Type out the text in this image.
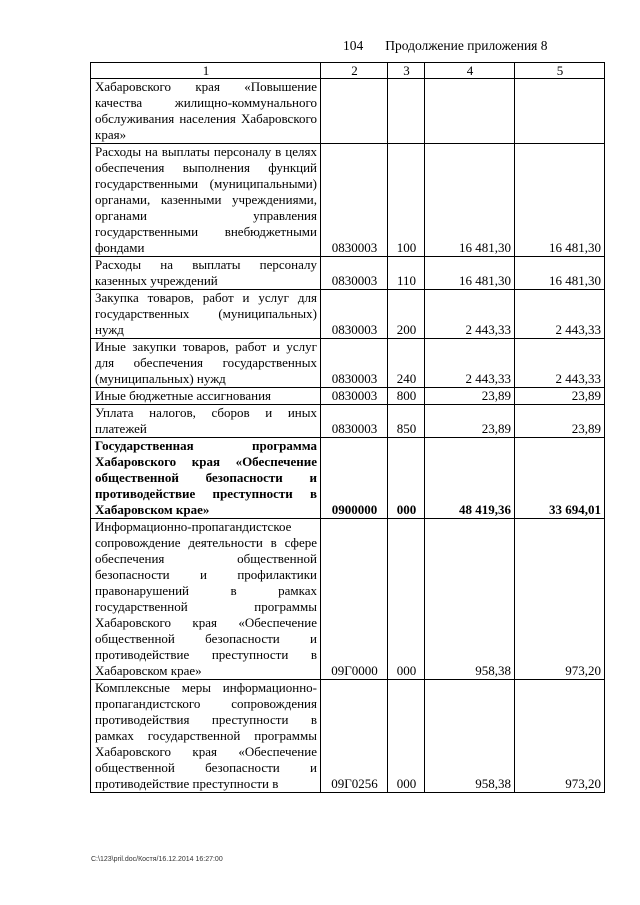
104 Продолжение приложения 8
1	2	3	4	5
Хабаровского края «Повышение качества жилищно-коммунального обслуживания населения Хабаровского края»				
Расходы на выплаты персоналу в целях обеспечения выполнения функций государственными (муниципальными) органами, казенными учреждениями, органами управления государственными внебюджетными фондами	0830003	100	16 481,30	16 481,30
Расходы на выплаты персоналу казенных учреждений	0830003	110	16 481,30	16 481,30
Закупка товаров, работ и услуг для государственных (муниципальных) нужд	0830003	200	2 443,33	2 443,33
Иные закупки товаров, работ и услуг для обеспечения государственных (муниципальных) нужд	0830003	240	2 443,33	2 443,33
Иные бюджетные ассигнования	0830003	800	23,89	23,89
Уплата налогов, сборов и иных платежей	0830003	850	23,89	23,89
Государственная программа Хабаровского края «Обеспечение общественной безопасности и противодействие преступности в Хабаровском крае»	0900000	000	48 419,36	33 694,01
Информационно-пропагандистское сопровождение деятельности в сфере обеспечения общественной безопасности и профилактики правонарушений в рамках государственной программы Хабаровского края «Обеспечение общественной безопасности и противодействие преступности в Хабаровском крае»	09Г0000	000	958,38	973,20
Комплексные меры информационно-пропагандистского сопровождения противодействия преступности в рамках государственной программы Хабаровского края «Обеспечение общественной безопасности и противодействие преступности в	09Г0256	000	958,38	973,20
C:\123\pril.doc/Костя/16.12.2014 16:27:00
